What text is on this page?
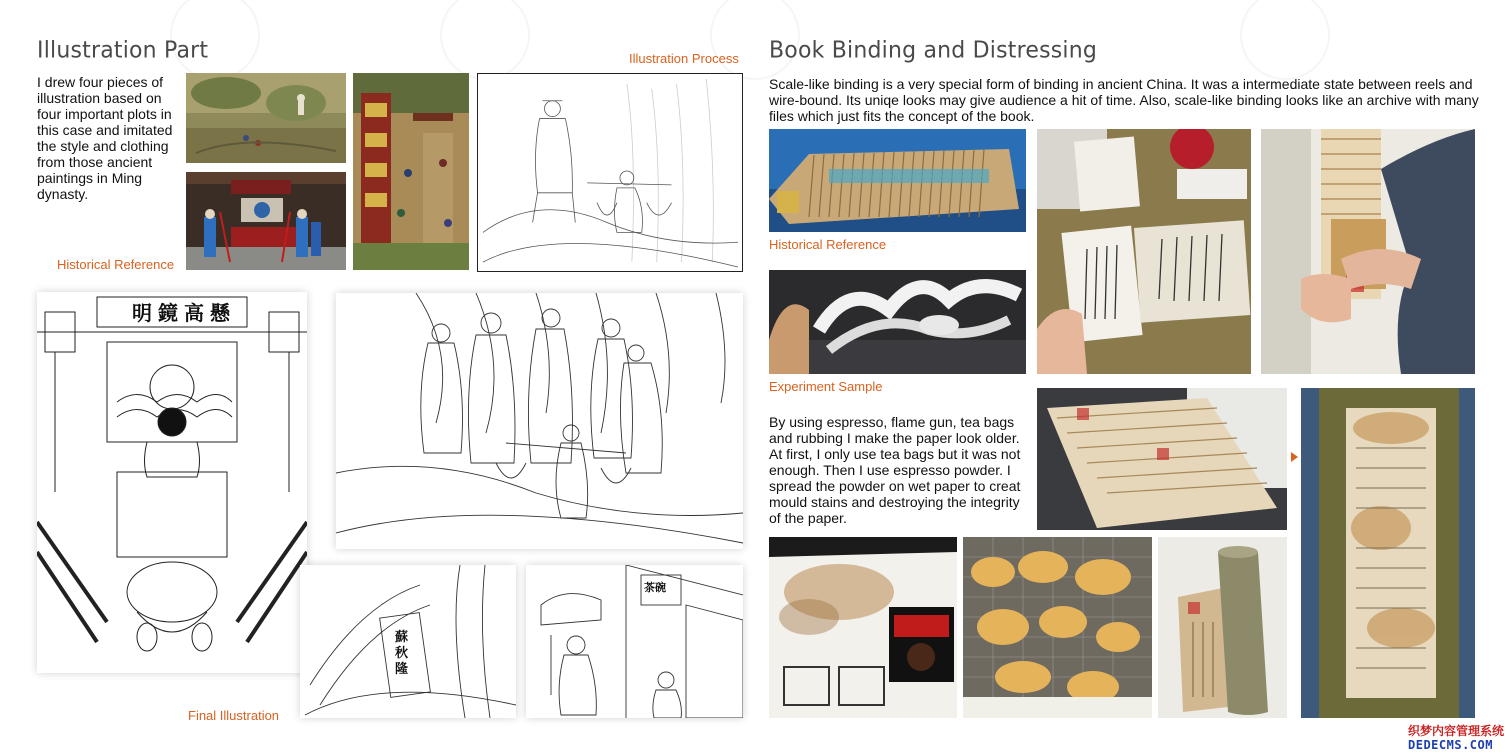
Illustration Part
I drew four pieces of illustration based on four important plots in this case and imitated the style and clothing from those ancient paintings in Ming dynasty.
Illustration Process
Historical Reference
Final Illustration
明鏡高懸
蘇秋隆
茶碗
Book Binding and Distressing
Scale-like binding is a very special form of binding in ancient China. It was a intermediate state between reels and wire-bound. Its uniqe looks may give audience a hit of time. Also, scale-like binding looks like an archive with many files which just fits the concept of the book.
Historical Reference
Experiment Sample
By using espresso, flame gun, tea bags and rubbing I make the paper look older. At first, I only use tea bags but it was not enough. Then I use espresso powder. I spread the powder on wet paper to creat mould stains and destroying the integrity of the paper.
织梦内容管理系统
DEDECMS.COM
